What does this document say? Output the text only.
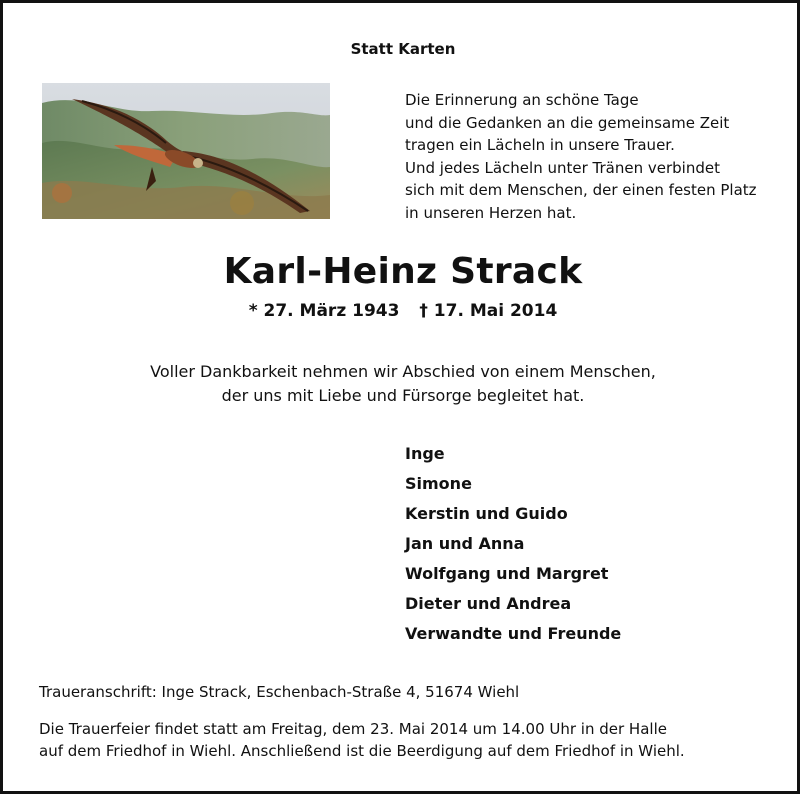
Statt Karten
Die Erinnerung an schöne Tage
und die Gedanken an die gemeinsame Zeit
tragen ein Lächeln in unsere Trauer.
Und jedes Lächeln unter Tränen verbindet
sich mit dem Menschen, der einen festen Platz
in unseren Herzen hat.
Karl-Heinz Strack
* 27. März 1943 † 17. Mai 2014
Voller Dankbarkeit nehmen wir Abschied von einem Menschen,
der uns mit Liebe und Fürsorge begleitet hat.
Inge
Simone
Kerstin und Guido
Jan und Anna
Wolfgang und Margret
Dieter und Andrea
Verwandte und Freunde
Traueranschrift: Inge Strack, Eschenbach-Straße 4, 51674 Wiehl
Die Trauerfeier findet statt am Freitag, dem 23. Mai 2014 um 14.00 Uhr in der Halle
auf dem Friedhof in Wiehl. Anschließend ist die Beerdigung auf dem Friedhof in Wiehl.
